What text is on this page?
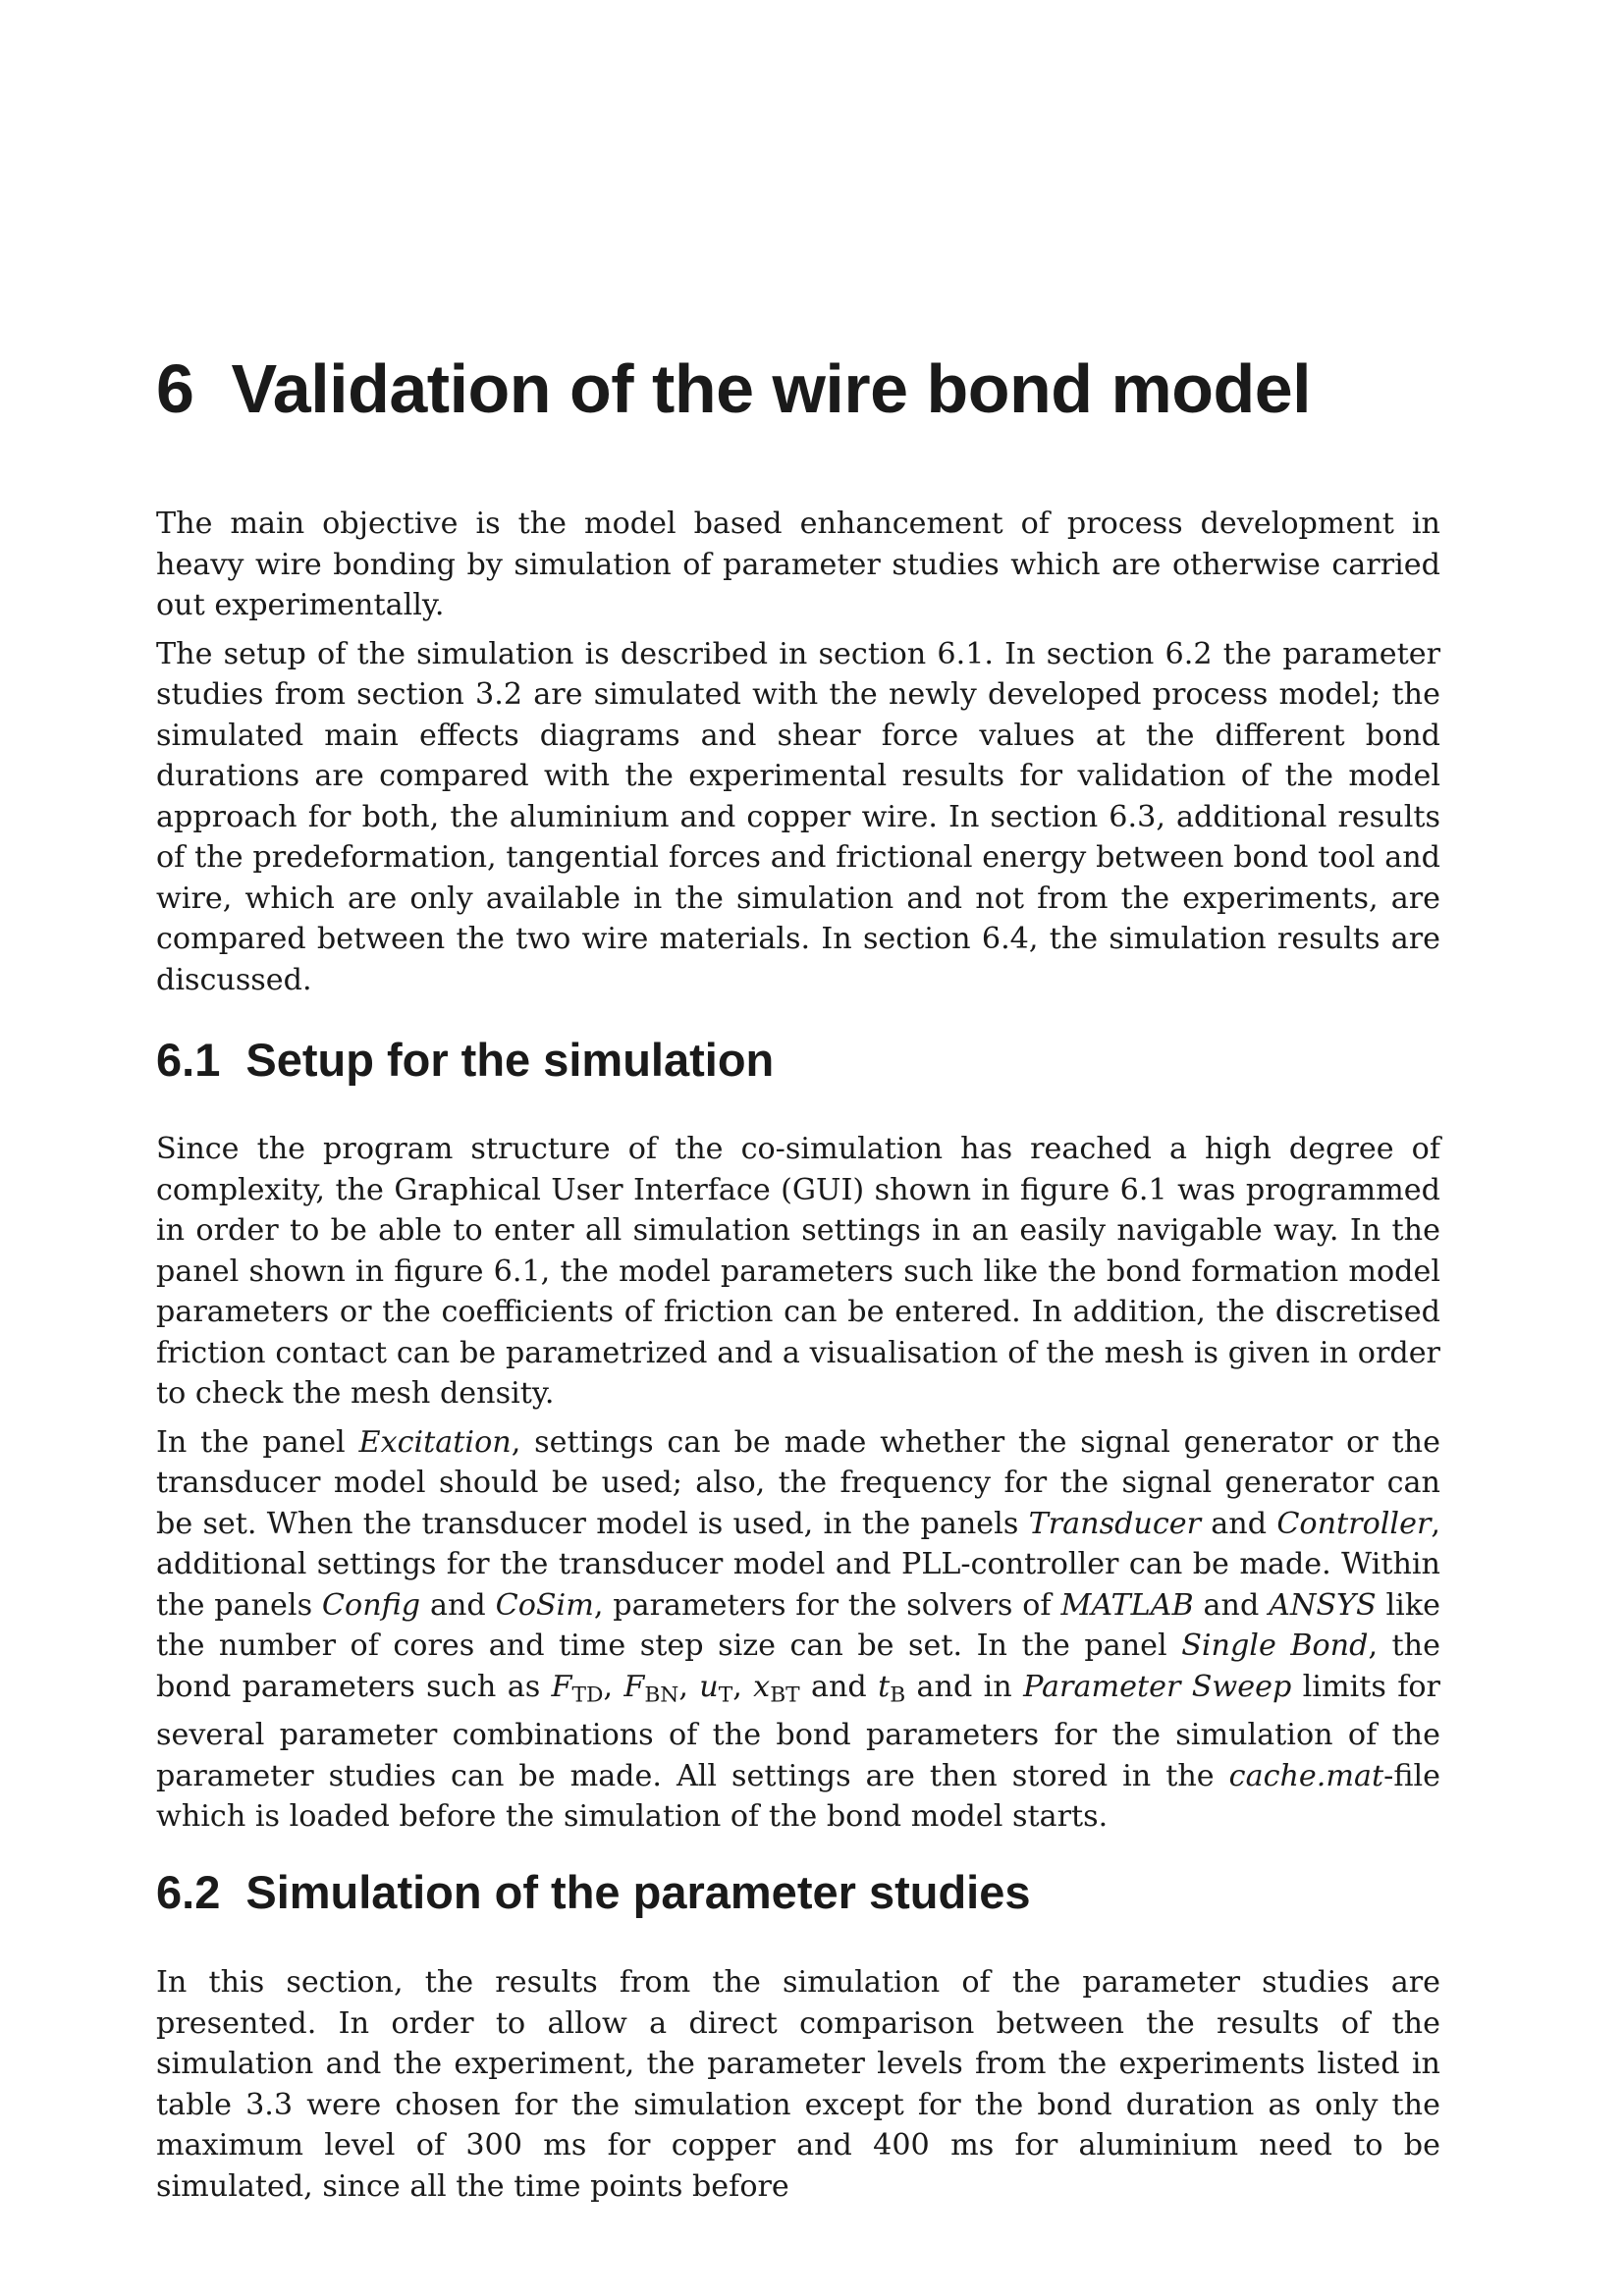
6 Validation of the wire bond model

The main objective is the model based enhancement of process development in heavy wire bonding by simulation of parameter studies which are otherwise carried out experimentally.

The setup of the simulation is described in section 6.1. In section 6.2 the parameter studies from section 3.2 are simulated with the newly developed process model; the simulated main effects diagrams and shear force values at the different bond durations are compared with the experimental results for validation of the model approach for both, the aluminium and copper wire. In section 6.3, additional results of the predeformation, tangential forces and frictional energy between bond tool and wire, which are only available in the simulation and not from the experiments, are compared between the two wire materials. In section 6.4, the simulation results are discussed.

6.1 Setup for the simulation

Since the program structure of the co-simulation has reached a high degree of complexity, the Graphical User Interface (GUI) shown in figure 6.1 was programmed in order to be able to enter all simulation settings in an easily navigable way. In the panel shown in figure 6.1, the model parameters such like the bond formation model parameters or the coefficients of friction can be entered. In addition, the discretised friction contact can be parametrized and a visualisation of the mesh is given in order to check the mesh density.

In the panel Excitation, settings can be made whether the signal generator or the transducer model should be used; also, the frequency for the signal generator can be set. When the transducer model is used, in the panels Transducer and Controller, additional settings for the transducer model and PLL-controller can be made. Within the panels Config and CoSim, parameters for the solvers of MATLAB and ANSYS like the number of cores and time step size can be set. In the panel Single Bond, the bond parameters such as $F_{TD}$, $F_{BN}$, $u_T$, $x_{BT}$ and $t_B$ and in Parameter Sweep limits for several parameter combinations of the bond parameters for the simulation of the parameter studies can be made. All settings are then stored in the cache.mat-file which is loaded before the simulation of the bond model starts.

6.2 Simulation of the parameter studies

In this section, the results from the simulation of the parameter studies are presented. In order to allow a direct comparison between the results of the simulation and the experiment, the parameter levels from the experiments listed in table 3.3 were chosen for the simulation except for the bond duration as only the maximum level of 300 ms for copper and 400 ms for aluminium need to be simulated, since all the time points before
